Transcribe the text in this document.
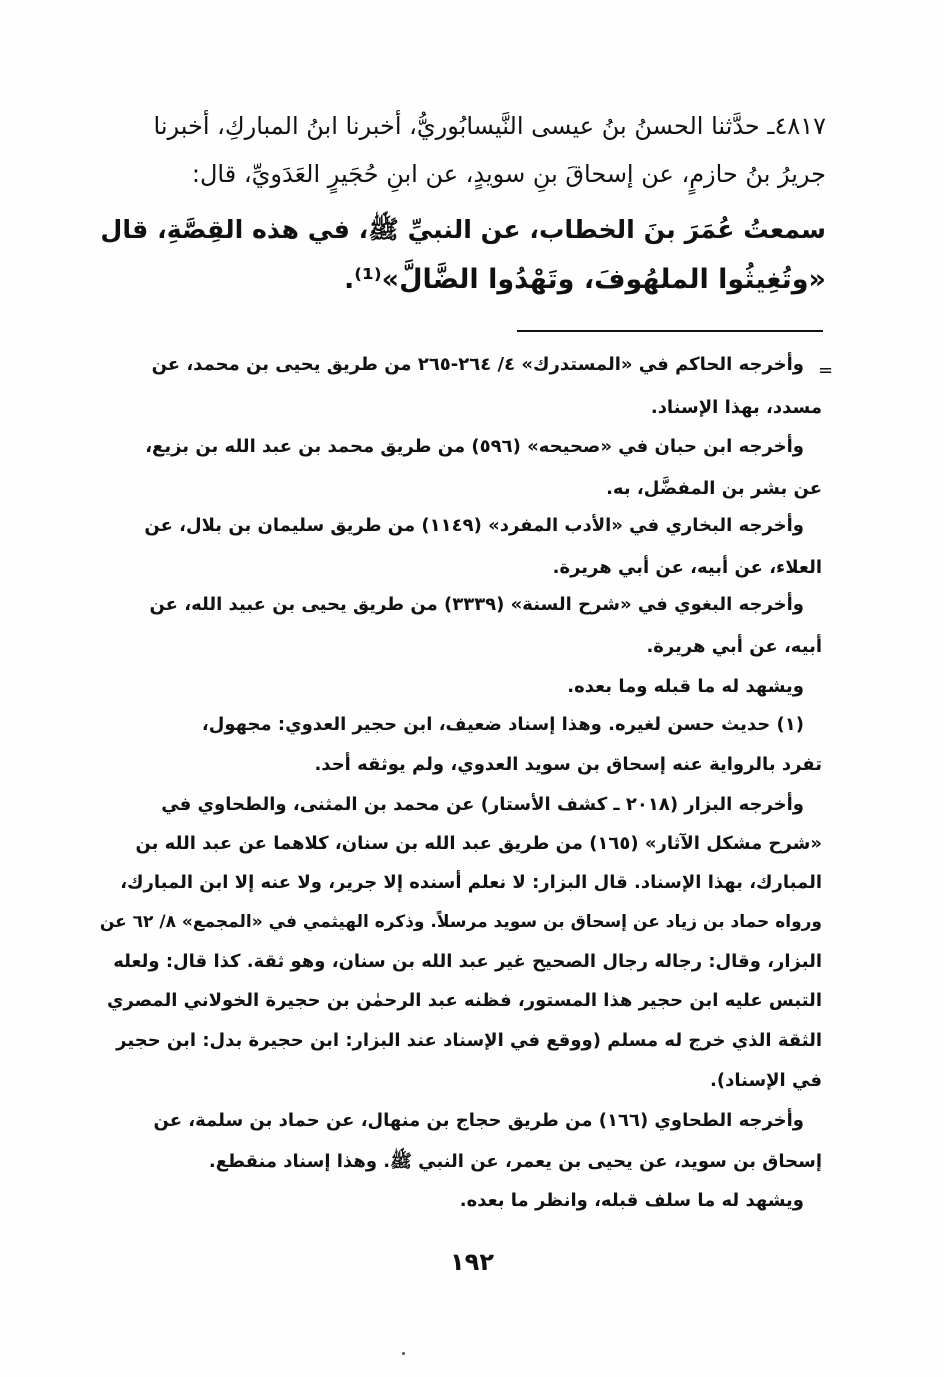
٤٨١٧ـ حدَّثنا الحسنُ بنُ عيسى النَّيسابُوريُّ، أخبرنا ابنُ المباركِ، أخبرنا
جريرُ بنُ حازمٍ، عن إسحاقَ بنِ سويدٍ، عن ابنِ حُجَيرٍ العَدَويِّ، قال:
سمعتُ عُمَرَ بنَ الخطاب، عن النبيِّ ﷺ، في هذه القِصَّةِ، قال
«وتُغِيثُوا الملهُوفَ، وتَهْدُوا الضَّالَّ»⁽¹⁾.
=
وأخرجه الحاكم في «المستدرك» ٤/ ٢٦٤-٢٦٥ من طريق يحيى بن محمد، عن
مسدد، بهذا الإسناد.
وأخرجه ابن حبان في «صحيحه» (٥٩٦) من طريق محمد بن عبد الله بن بزيع،
عن بشر بن المفضَّل، به.
وأخرجه البخاري في «الأدب المفرد» (١١٤٩) من طريق سليمان بن بلال، عن
العلاء، عن أبيه، عن أبي هريرة.
وأخرجه البغوي في «شرح السنة» (٣٣٣٩) من طريق يحيى بن عبيد الله، عن
أبيه، عن أبي هريرة.
ويشهد له ما قبله وما بعده.
(١) حديث حسن لغيره. وهذا إسناد ضعيف، ابن حجير العدوي: مجهول،
تفرد بالرواية عنه إسحاق بن سويد العدوي، ولم يوثقه أحد.
وأخرجه البزار (٢٠١٨ ـ كشف الأستار) عن محمد بن المثنى، والطحاوي في
«شرح مشكل الآثار» (١٦٥) من طريق عبد الله بن سنان، كلاهما عن عبد الله بن
المبارك، بهذا الإسناد. قال البزار: لا نعلم أسنده إلا جرير، ولا عنه إلا ابن المبارك،
ورواه حماد بن زياد عن إسحاق بن سويد مرسلاً. وذكره الهيثمي في «المجمع» ٨/ ٦٢ عن
البزار، وقال: رجاله رجال الصحيح غير عبد الله بن سنان، وهو ثقة. كذا قال: ولعله
التبس عليه ابن حجير هذا المستور، فظنه عبد الرحمٰن بن حجيرة الخولاني المصري
الثقة الذي خرج له مسلم (ووقع في الإسناد عند البزار: ابن حجيرة بدل: ابن حجير
في الإسناد).
وأخرجه الطحاوي (١٦٦) من طريق حجاج بن منهال، عن حماد بن سلمة، عن
إسحاق بن سويد، عن يحيى بن يعمر، عن النبي ﷺ. وهذا إسناد منقطع.
ويشهد له ما سلف قبله، وانظر ما بعده.
١٩٢
